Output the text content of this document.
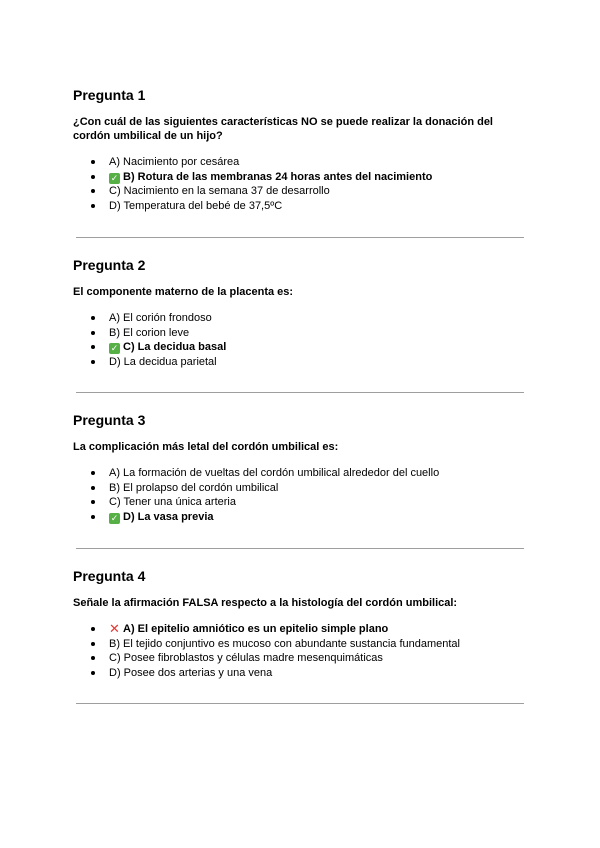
Pregunta 1

¿Con cuál de las siguientes características NO se puede realizar la donación del

cordón umbilical de un hijo?

A) Nacimiento por cesárea
✓ B) Rotura de las membranas 24 horas antes del nacimiento
C) Nacimiento en la semana 37 de desarrollo
D) Temperatura del bebé de 37,5ºC
Pregunta 2

El componente materno de la placenta es:

A) El corión frondoso
B) El corion leve
✓ C) La decidua basal
D) La decidua parietal
Pregunta 3

La complicación más letal del cordón umbilical es:

A) La formación de vueltas del cordón umbilical alrededor del cuello
B) El prolapso del cordón umbilical
C) Tener una única arteria
✓ D) La vasa previa
Pregunta 4

Señale la afirmación FALSA respecto a la histología del cordón umbilical:

✕ A) El epitelio amniótico es un epitelio simple plano
B) El tejido conjuntivo es mucoso con abundante sustancia fundamental
C) Posee fibroblastos y células madre mesenquimáticas
D) Posee dos arterias y una vena
